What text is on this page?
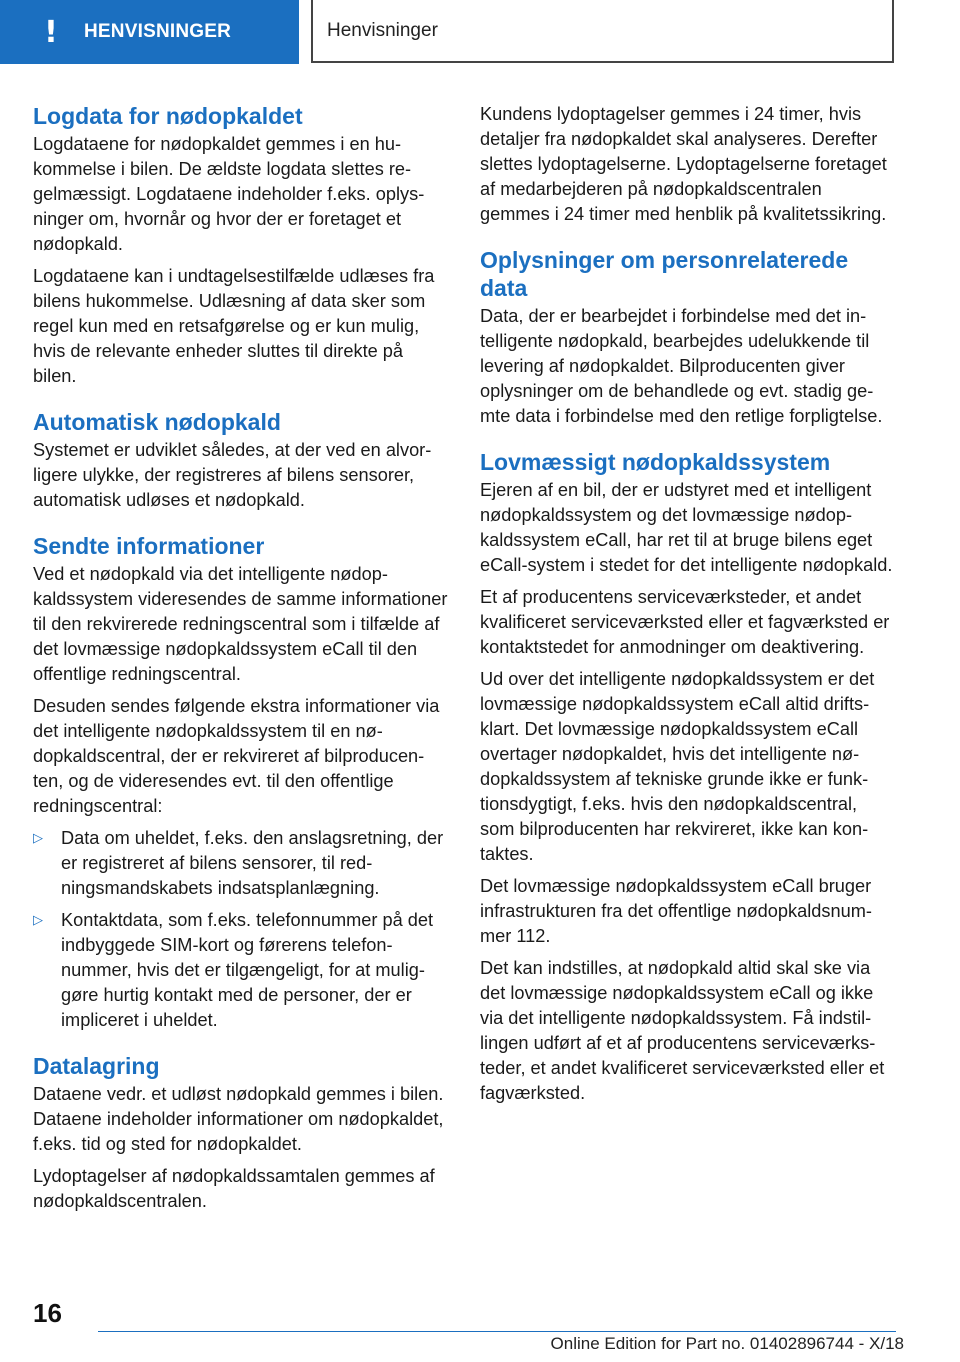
! HENVISNINGER	Henvisninger
Logdata for nødopkaldet

Logdataene for nødopkaldet gemmes i en hukommelse i bilen. De ældste logdata slettes regelmæssigt. Logdataene indeholder f.eks. oplysninger om, hvornår og hvor der er foretaget et nødopkald.

Logdataene kan i undtagelsestilfælde udlæses fra bilens hukommelse. Udlæsning af data sker som regel kun med en retsafgørelse og er kun mulig, hvis de relevante enheder sluttes til direkte på bilen.

Automatisk nødopkald

Systemet er udviklet således, at der ved en alvorligere ulykke, der registreres af bilens sensorer, automatisk udløses et nødopkald.

Sendte informationer

Ved et nødopkald via det intelligente nødopkaldssystem videresendes de samme informationer til den rekvirerede redningscentral som i tilfælde af det lovmæssige nødopkaldssystem eCall til den offentlige redningscentral.

Desuden sendes følgende ekstra informationer via det intelligente nødopkaldssystem til en nødopkaldscentral, der er rekvireret af bilproducenten, og de videresendes evt. til den offentlige redningscentral:

▷ Data om uheldet, f.eks. den anslagsretning, der er registreret af bilens sensorer, til redningsmandskabets indsatsplanlægning.
▷ Kontaktdata, som f.eks. telefonnummer på det indbyggede SIM-kort og førerens telefonnummer, hvis det er tilgængeligt, for at muliggøre hurtig kontakt med de personer, der er impliceret i uheldet.
Datalagring

Dataene vedr. et udløst nødopkald gemmes i bilen. Dataene indeholder informationer om nødopkaldet, f.eks. tid og sted for nødopkaldet.

Lydoptagelser af nødopkaldssamtalen gemmes af nødopkaldscentralen.

Kundens lydoptagelser gemmes i 24 timer, hvis detaljer fra nødopkaldet skal analyseres. Derefter slettes lydoptagelserne. Lydoptagelserne foretaget af medarbejderen på nødopkaldscentralen gemmes i 24 timer med henblik på kvalitetssikring.

Oplysninger om personrelaterede data

Data, der er bearbejdet i forbindelse med det intelligente nødopkald, bearbejdes udelukkende til levering af nødopkaldet. Bilproducenten giver oplysninger om de behandlede og evt. stadig gemte data i forbindelse med den retlige forpligtelse.

Lovmæssigt nødopkaldssystem

Ejeren af en bil, der er udstyret med et intelligent nødopkaldssystem og det lovmæssige nødopkaldssystem eCall, har ret til at bruge bilens eget eCall-system i stedet for det intelligente nødopkald.

Et af producentens serviceværksteder, et andet kvalificeret serviceværksted eller et fagværksted er kontaktstedet for anmodninger om deaktivering.

Ud over det intelligente nødopkaldssystem er det lovmæssige nødopkaldssystem eCall altid driftsklart. Det lovmæssige nødopkaldssystem eCall overtager nødopkaldet, hvis det intelligente nødopkaldssystem af tekniske grunde ikke er funktionsdygtigt, f.eks. hvis den nødopkaldscentral, som bilproducenten har rekvireret, ikke kan kontaktes.

Det lovmæssige nødopkaldssystem eCall bruger infrastrukturen fra det offentlige nødopkaldsnummer 112.

Det kan indstilles, at nødopkald altid skal ske via det lovmæssige nødopkaldssystem eCall og ikke via det intelligente nødopkaldssystem. Få indstillingen udført af et af producentens serviceværksteder, et andet kvalificeret serviceværksted eller et fagværksted.

16
Online Edition for Part no. 01402896744 - X/18
